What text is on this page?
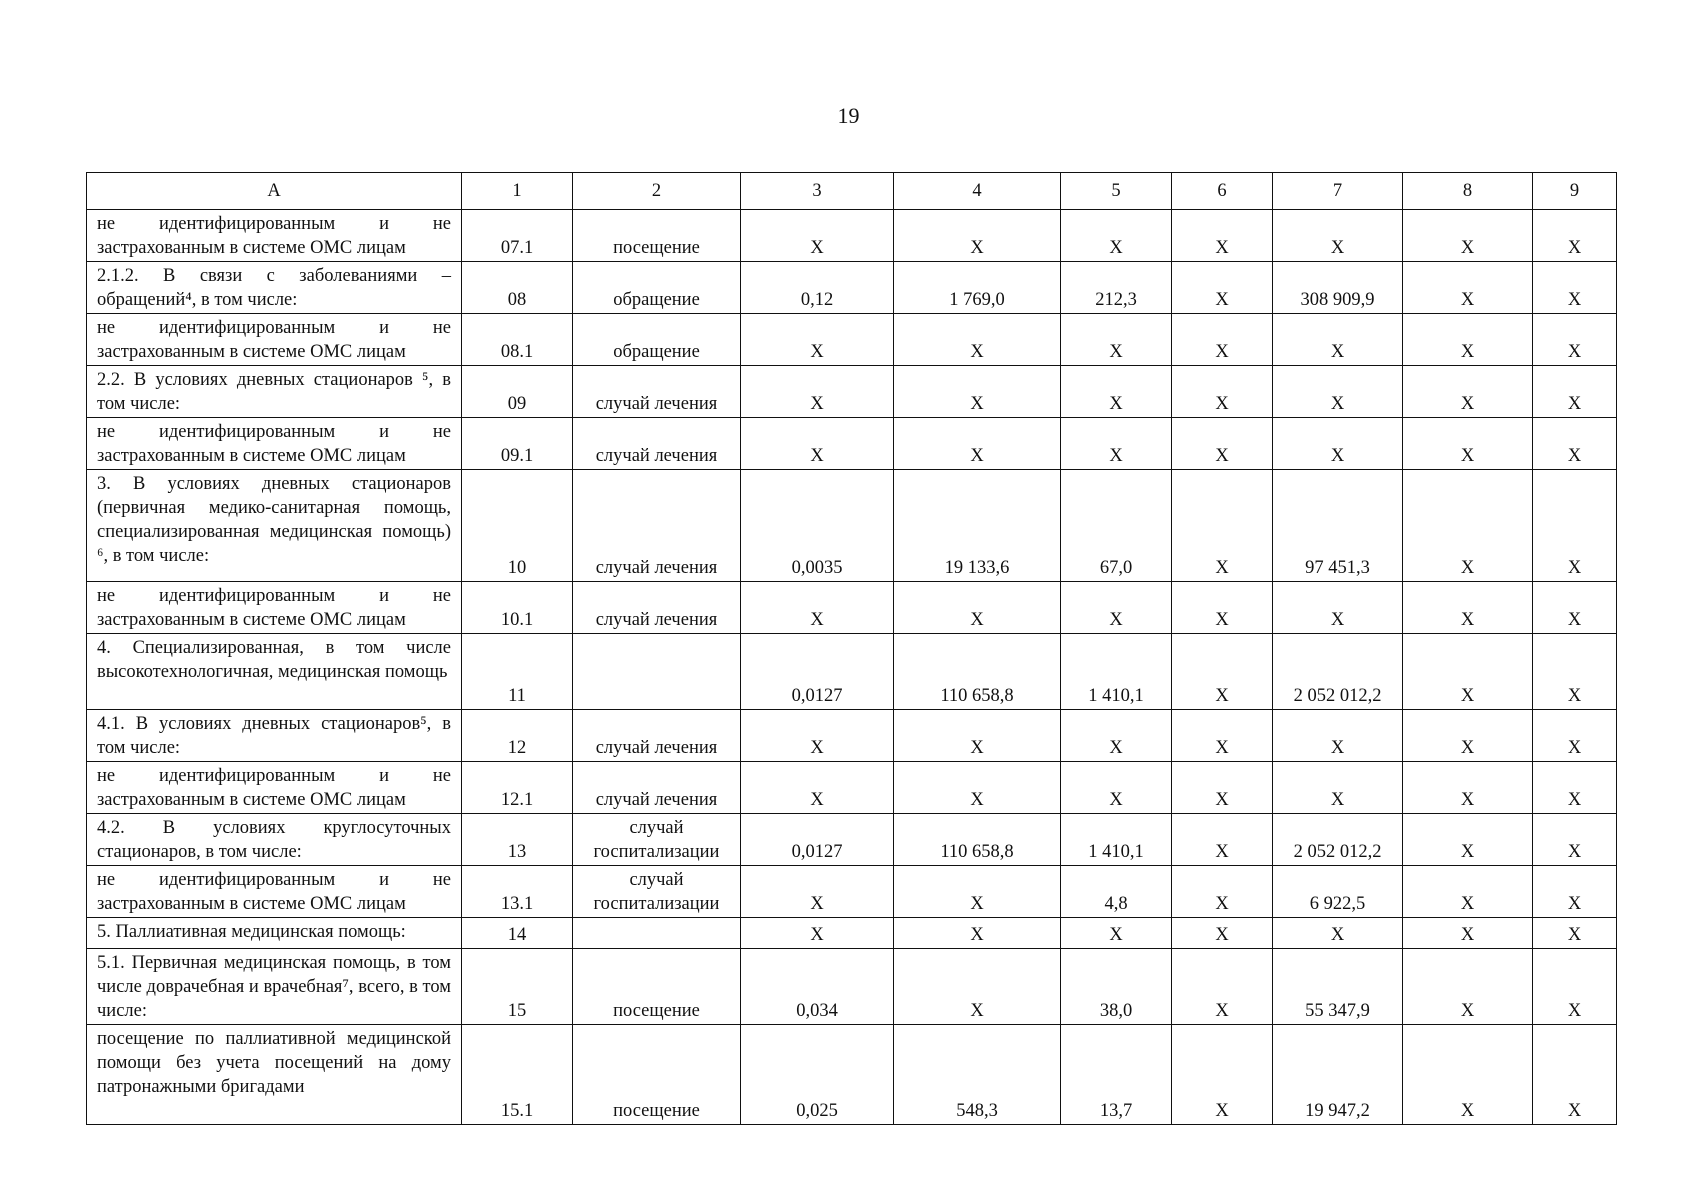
19
А	1	2	3	4	5	6	7	8	9
не идентифицированным и не застрахованным в системе ОМС лицам	07.1	посещение	X	X	X	X	X	X	X
2.1.2. В связи с заболеваниями – обращений⁴, в том числе:	08	обращение	0,12	1 769,0	212,3	X	308 909,9	X	X
не идентифицированным и не застрахованным в системе ОМС лицам	08.1	обращение	X	X	X	X	X	X	X
2.2. В условиях дневных стационаров ⁵, в том числе:	09	случай лечения	X	X	X	X	X	X	X
не идентифицированным и не застрахованным в системе ОМС лицам	09.1	случай лечения	X	X	X	X	X	X	X
3. В условиях дневных стационаров (первичная медико-санитарная помощь, специализированная медицинская помощь) ⁶, в том числе:	10	случай лечения	0,0035	19 133,6	67,0	X	97 451,3	X	X
не идентифицированным и не застрахованным в системе ОМС лицам	10.1	случай лечения	X	X	X	X	X	X	X
4. Специализированная, в том числе высокотехнологичная, медицинская помощь	11		0,0127	110 658,8	1 410,1	X	2 052 012,2	X	X
4.1. В условиях дневных стационаров⁵, в том числе:	12	случай лечения	X	X	X	X	X	X	X
не идентифицированным и не застрахованным в системе ОМС лицам	12.1	случай лечения	X	X	X	X	X	X	X
4.2. В условиях круглосуточных стационаров, в том числе:	13	случай госпитализации	0,0127	110 658,8	1 410,1	X	2 052 012,2	X	X
не идентифицированным и не застрахованным в системе ОМС лицам	13.1	случай госпитализации	X	X	4,8	X	6 922,5	X	X
5. Паллиативная медицинская помощь:	14		X	X	X	X	X	X	X
5.1. Первичная медицинская помощь, в том числе доврачебная и врачебная⁷, всего, в том числе:	15	посещение	0,034	X	38,0	X	55 347,9	X	X
посещение по паллиативной медицинской помощи без учета посещений на дому патронажными бригадами	15.1	посещение	0,025	548,3	13,7	X	19 947,2	X	X
